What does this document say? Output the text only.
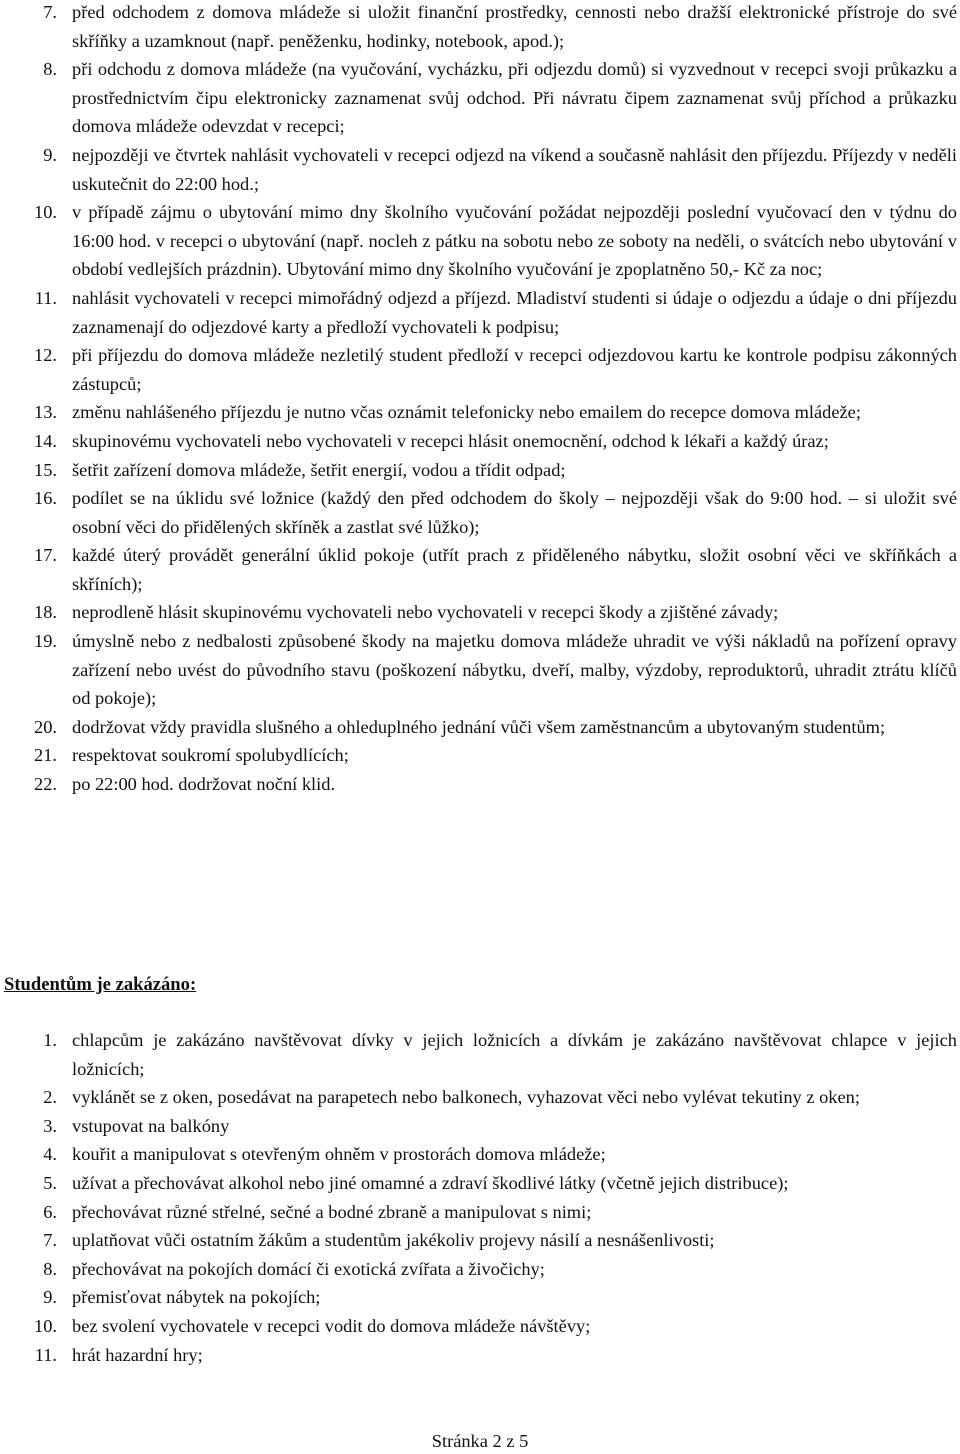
7. před odchodem z domova mládeže si uložit finanční prostředky, cennosti nebo dražší elektronické přístroje do své skříňky a uzamknout (např. peněženku, hodinky, notebook, apod.);
8. při odchodu z domova mládeže (na vyučování, vycházku, při odjezdu domů) si vyzvednout v recepci svoji průkazku a prostřednictvím čipu elektronicky zaznamenat svůj odchod. Při návratu čipem zaznamenat svůj příchod a průkazku domova mládeže odevzdat v recepci;
9. nejpozději ve čtvrtek nahlásit vychovateli v recepci odjezd na víkend a současně nahlásit den příjezdu. Příjezdy v neděli uskutečnit do 22:00 hod.;
10. v případě zájmu o ubytování mimo dny školního vyučování požádat nejpozději poslední vyučovací den v týdnu do 16:00 hod. v recepci o ubytování (např. nocleh z pátku na sobotu nebo ze soboty na neděli, o svátcích nebo ubytování v období vedlejších prázdnin). Ubytování mimo dny školního vyučování je zpoplatněno 50,- Kč za noc;
11. nahlásit vychovateli v recepci mimořádný odjezd a příjezd. Mladiství studenti si údaje o odjezdu a údaje o dni příjezdu zaznamenají do odjezdové karty a předloží vychovateli k podpisu;
12. při příjezdu do domova mládeže nezletilý student předloží v recepci odjezdovou kartu ke kontrole podpisu zákonných zástupců;
13. změnu nahlášeného příjezdu je nutno včas oznámit telefonicky nebo emailem do recepce domova mládeže;
14. skupinovému vychovateli nebo vychovateli v recepci hlásit onemocnění, odchod k lékaři a každý úraz;
15. šetřit zařízení domova mládeže, šetřit energií, vodou a třídit odpad;
16. podílet se na úklidu své ložnice (každý den před odchodem do školy – nejpozději však do 9:00 hod. – si uložit své osobní věci do přidělených skříněk a zastlat své lůžko);
17. každé úterý provádět generální úklid pokoje (utřít prach z přiděleného nábytku, složit osobní věci ve skříňkách a skříních);
18. neprodleně hlásit skupinovému vychovateli nebo vychovateli v recepci škody a zjištěné závady;
19. úmyslně nebo z nedbalosti způsobené škody na majetku domova mládeže uhradit ve výši nákladů na pořízení opravy zařízení nebo uvést do původního stavu (poškození nábytku, dveří, malby, výzdoby, reproduktorů, uhradit ztrátu klíčů od pokoje);
20. dodržovat vždy pravidla slušného a ohleduplného jednání vůči všem zaměstnancům a ubytovaným studentům;
21. respektovat soukromí spolubydlících;
22. po 22:00 hod. dodržovat noční klid.
Studentům je zakázáno:
1. chlapcům je zakázáno navštěvovat dívky v jejich ložnicích a dívkám je zakázáno navštěvovat chlapce v jejich ložnicích;
2. vyklánět se z oken, posedávat na parapetech nebo balkonech, vyhazovat věci nebo vylévat tekutiny z oken;
3. vstupovat na balkóny
4. kouřit a manipulovat s otevřeným ohněm v prostorách domova mládeže;
5. užívat a přechovávat alkohol nebo jiné omamné a zdraví škodlivé látky (včetně jejich distribuce);
6. přechovávat různé střelné, sečné a bodné zbraně a manipulovat s nimi;
7. uplatňovat vůči ostatním žákům a studentům jakékoliv projevy násilí a nesnášenlivosti;
8. přechovávat na pokojích domácí či exotická zvířata a živočichy;
9. přemisťovat nábytek na pokojích;
10. bez svolení vychovatele v recepci vodit do domova mládeže návštěvy;
11. hrát hazardní hry;
Stránka 2 z 5
